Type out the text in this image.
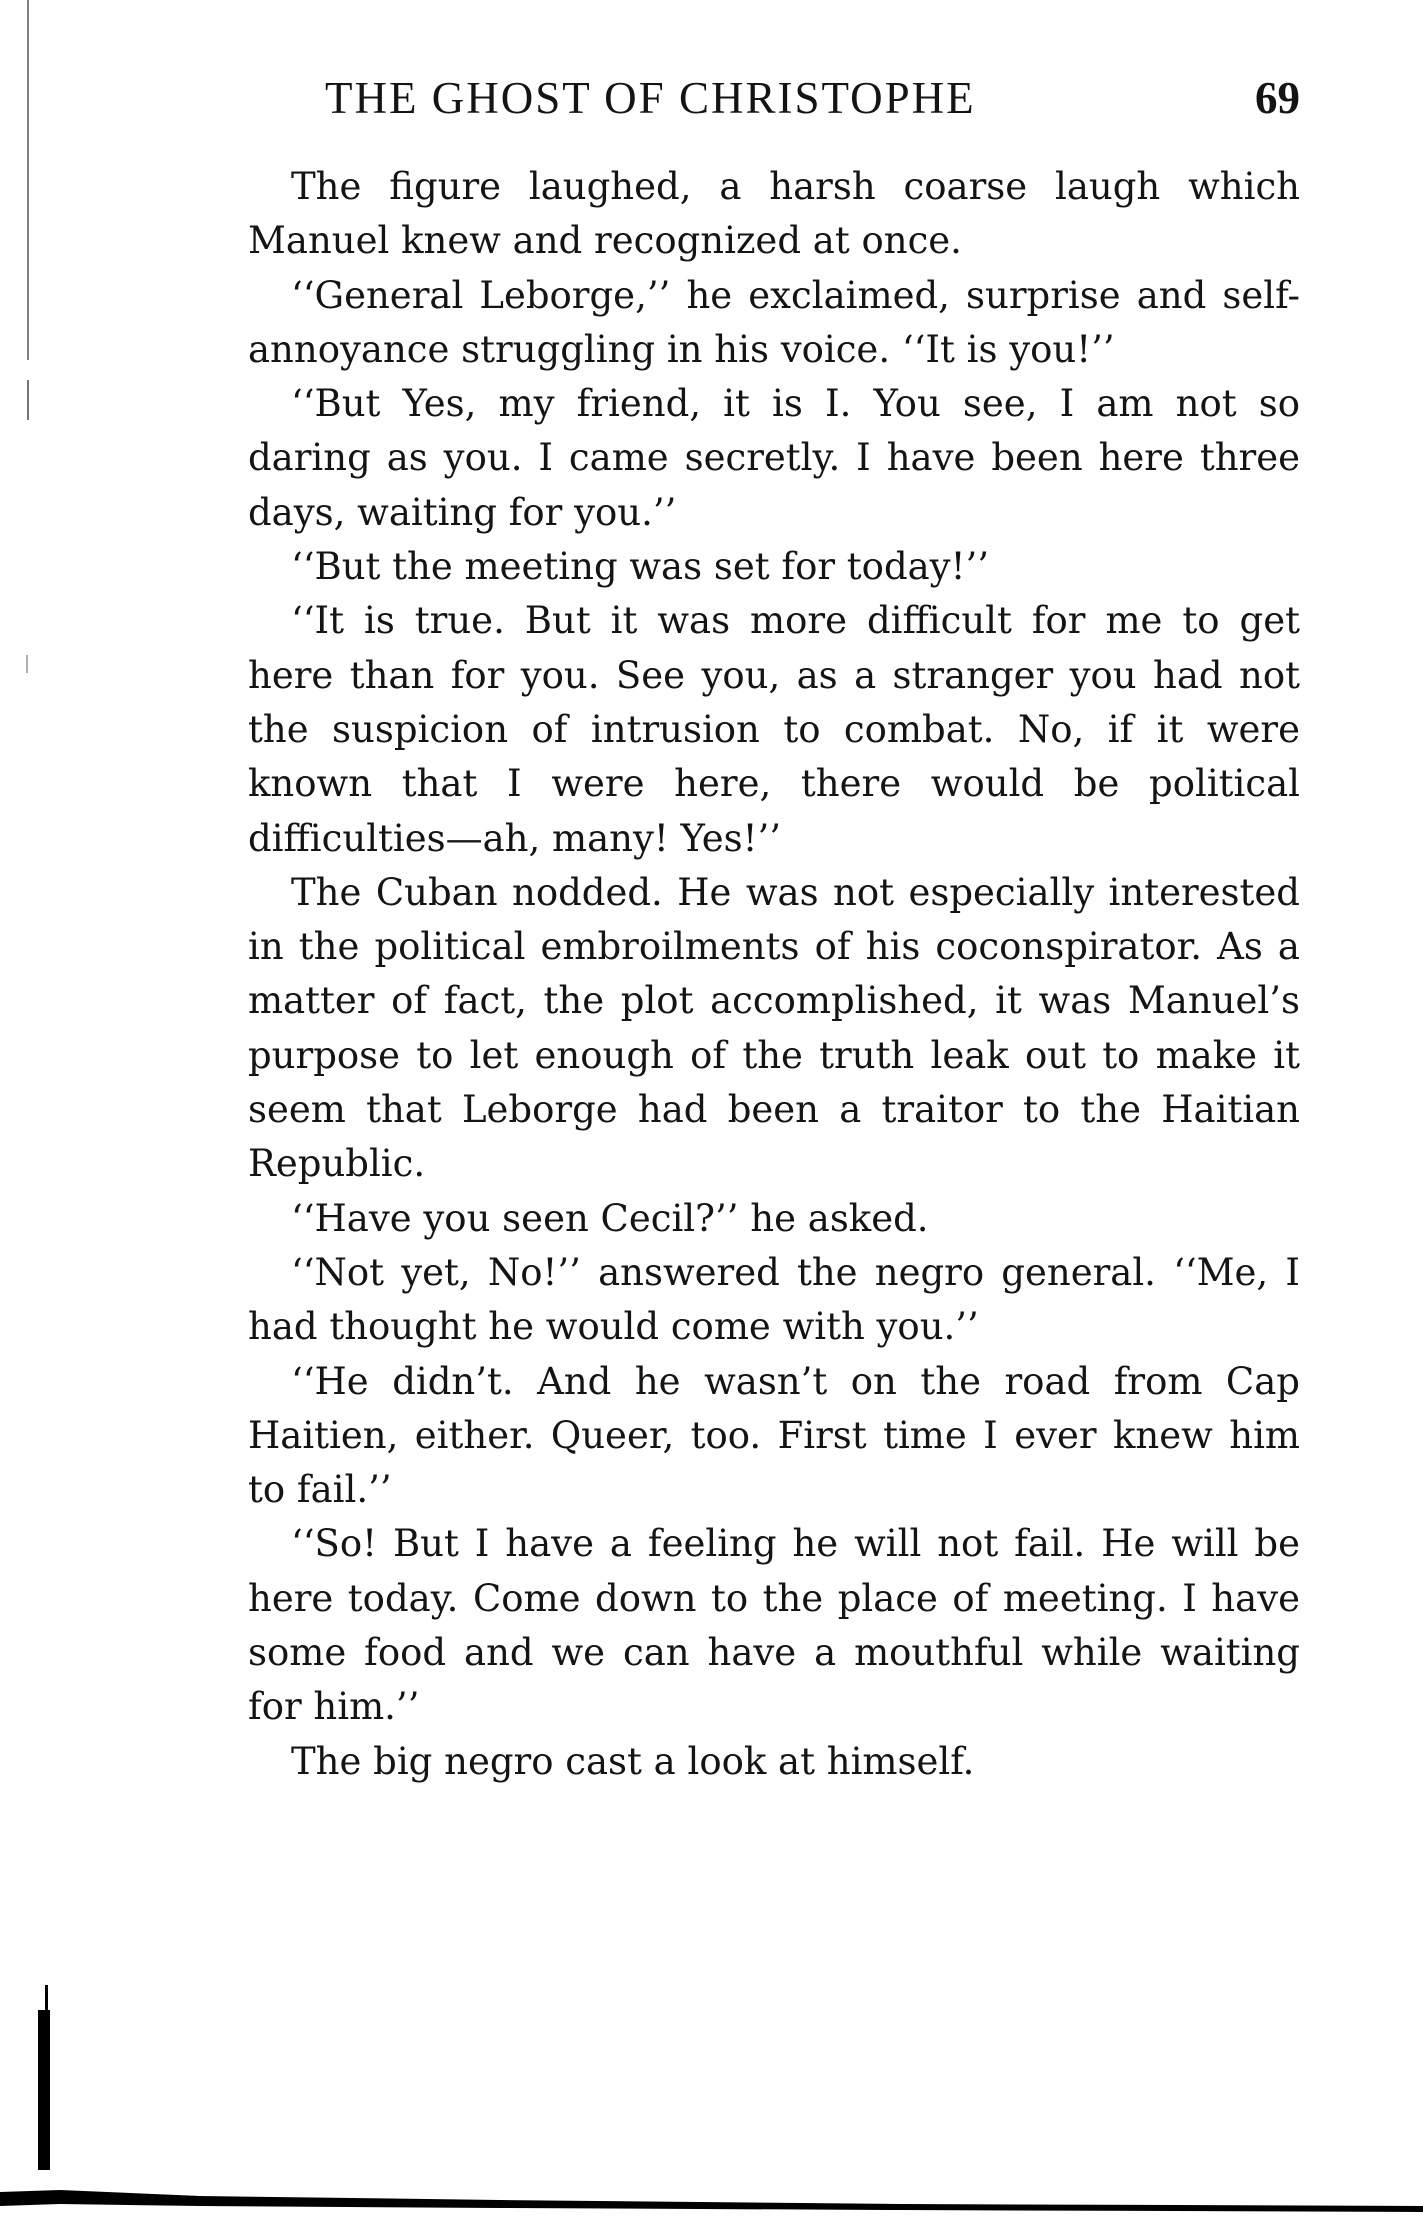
THE GHOST OF CHRISTOPHE	69

The figure laughed, a harsh coarse laugh which Manuel knew and recognized at once.

‘‘General Leborge,’’ he exclaimed, surprise and self-annoyance struggling in his voice. ‘‘It is you!’’

‘‘But Yes, my friend, it is I. You see, I am not so daring as you. I came secretly. I have been here three days, waiting for you.’’

‘‘But the meeting was set for today!’’

‘‘It is true. But it was more difficult for me to get here than for you. See you, as a stranger you had not the suspicion of intrusion to combat. No, if it were known that I were here, there would be political difficulties—ah, many! Yes!’’

The Cuban nodded. He was not especially interested in the political embroilments of his coconspirator. As a matter of fact, the plot accomplished, it was Manuel’s purpose to let enough of the truth leak out to make it seem that Leborge had been a traitor to the Haitian Republic.

‘‘Have you seen Cecil?’’ he asked.

‘‘Not yet, No!’’ answered the negro general. ‘‘Me, I had thought he would come with you.’’

‘‘He didn’t. And he wasn’t on the road from Cap Haitien, either. Queer, too. First time I ever knew him to fail.’’

‘‘So! But I have a feeling he will not fail. He will be here today. Come down to the place of meeting. I have some food and we can have a mouthful while waiting for him.’’

The big negro cast a look at himself.
